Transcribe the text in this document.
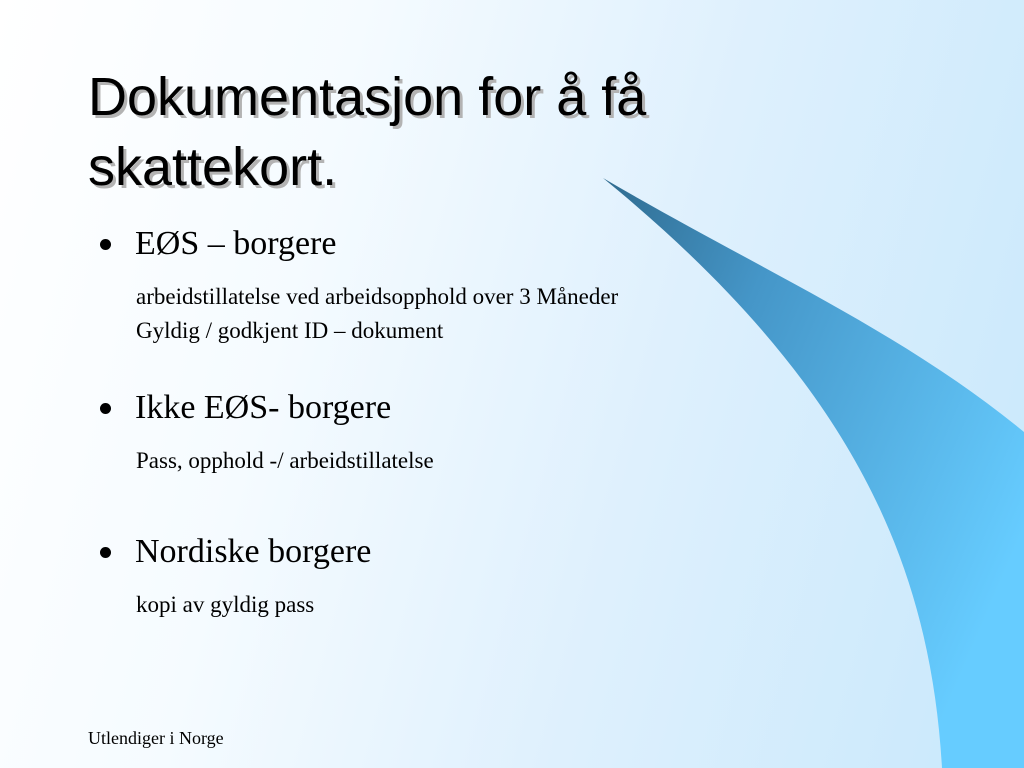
Dokumentasjon for å få
skattekort.
EØS – borgere
arbeidstillatelse ved arbeidsopphold over 3 Måneder
Gyldig / godkjent ID – dokument
Ikke EØS- borgere
Pass, opphold -/ arbeidstillatelse
Nordiske borgere
kopi av gyldig pass
Utlendiger i Norge
